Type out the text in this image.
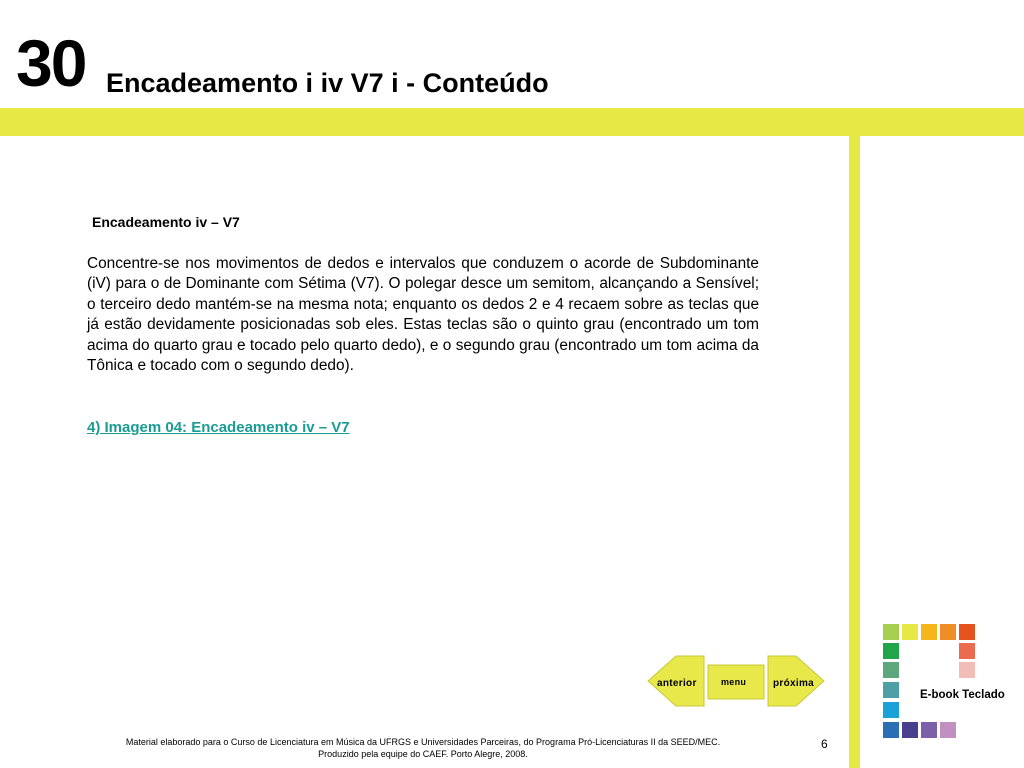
30 Encadeamento i iv V7 i - Conteúdo
Encadeamento iv – V7

Concentre-se nos movimentos de dedos e intervalos que conduzem o acorde de Subdominante (iV) para o de Dominante com Sétima (V7). O polegar desce um semitom, alcançando a Sensível; o terceiro dedo mantém-se na mesma nota; enquanto os dedos 2 e 4 recaem sobre as teclas que já estão devidamente posicionadas sob eles. Estas teclas são o quinto grau (encontrado um tom acima do quarto grau e tocado pelo quarto dedo), e o segundo grau (encontrado um tom acima da Tônica e tocado com o segundo dedo).

4) Imagem 04: Encadeamento iv – V7
anterior	menu	próxima
E-book Teclado
Material elaborado para o Curso de Licenciatura em Música da UFRGS e Universidades Parceiras, do Programa Pró-Licenciaturas II da SEED/MEC.
Produzido pela equipe do CAEF. Porto Alegre, 2008.
6
